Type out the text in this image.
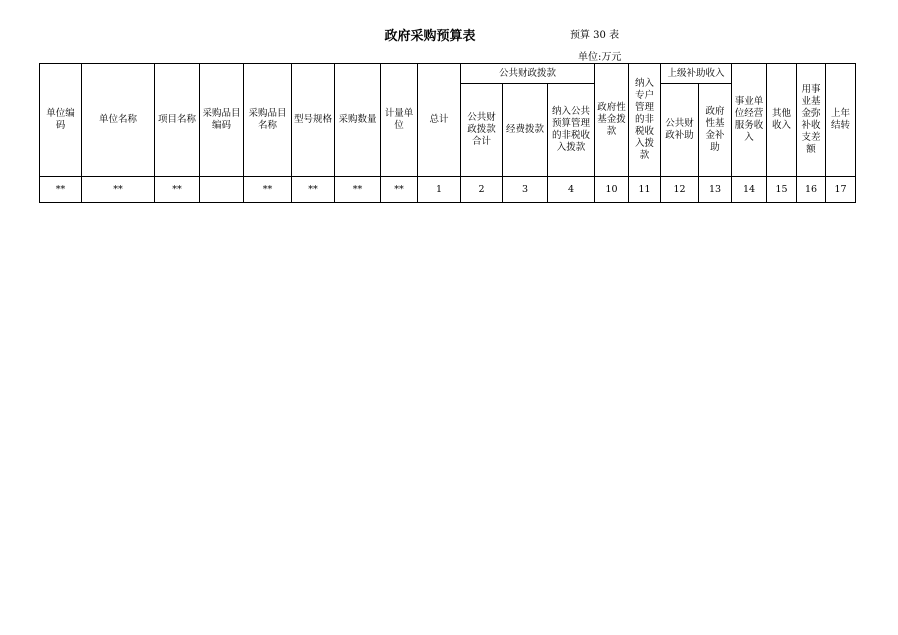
政府采购预算表	预算 30 表
单位:万元
单位编码	单位名称	项目名称	采购品目编码	采购品目名称	型号规格	采购数量	计量单位	总计	公共财政拨款			政府性基金拨款	纳入专户管理的非税收入拨款	上级补助收入		事业单位经营服务收入	其他收入	用事业基金弥补收支差额	上年结转
									公共财政拨款合计	经费拨款	纳入公共预算管理的非税收入拨款			公共财政补助	政府性基金补助				
**	**	**		**	**	**	**	1	2	3	4	10	11	12	13	14	15	16	17
